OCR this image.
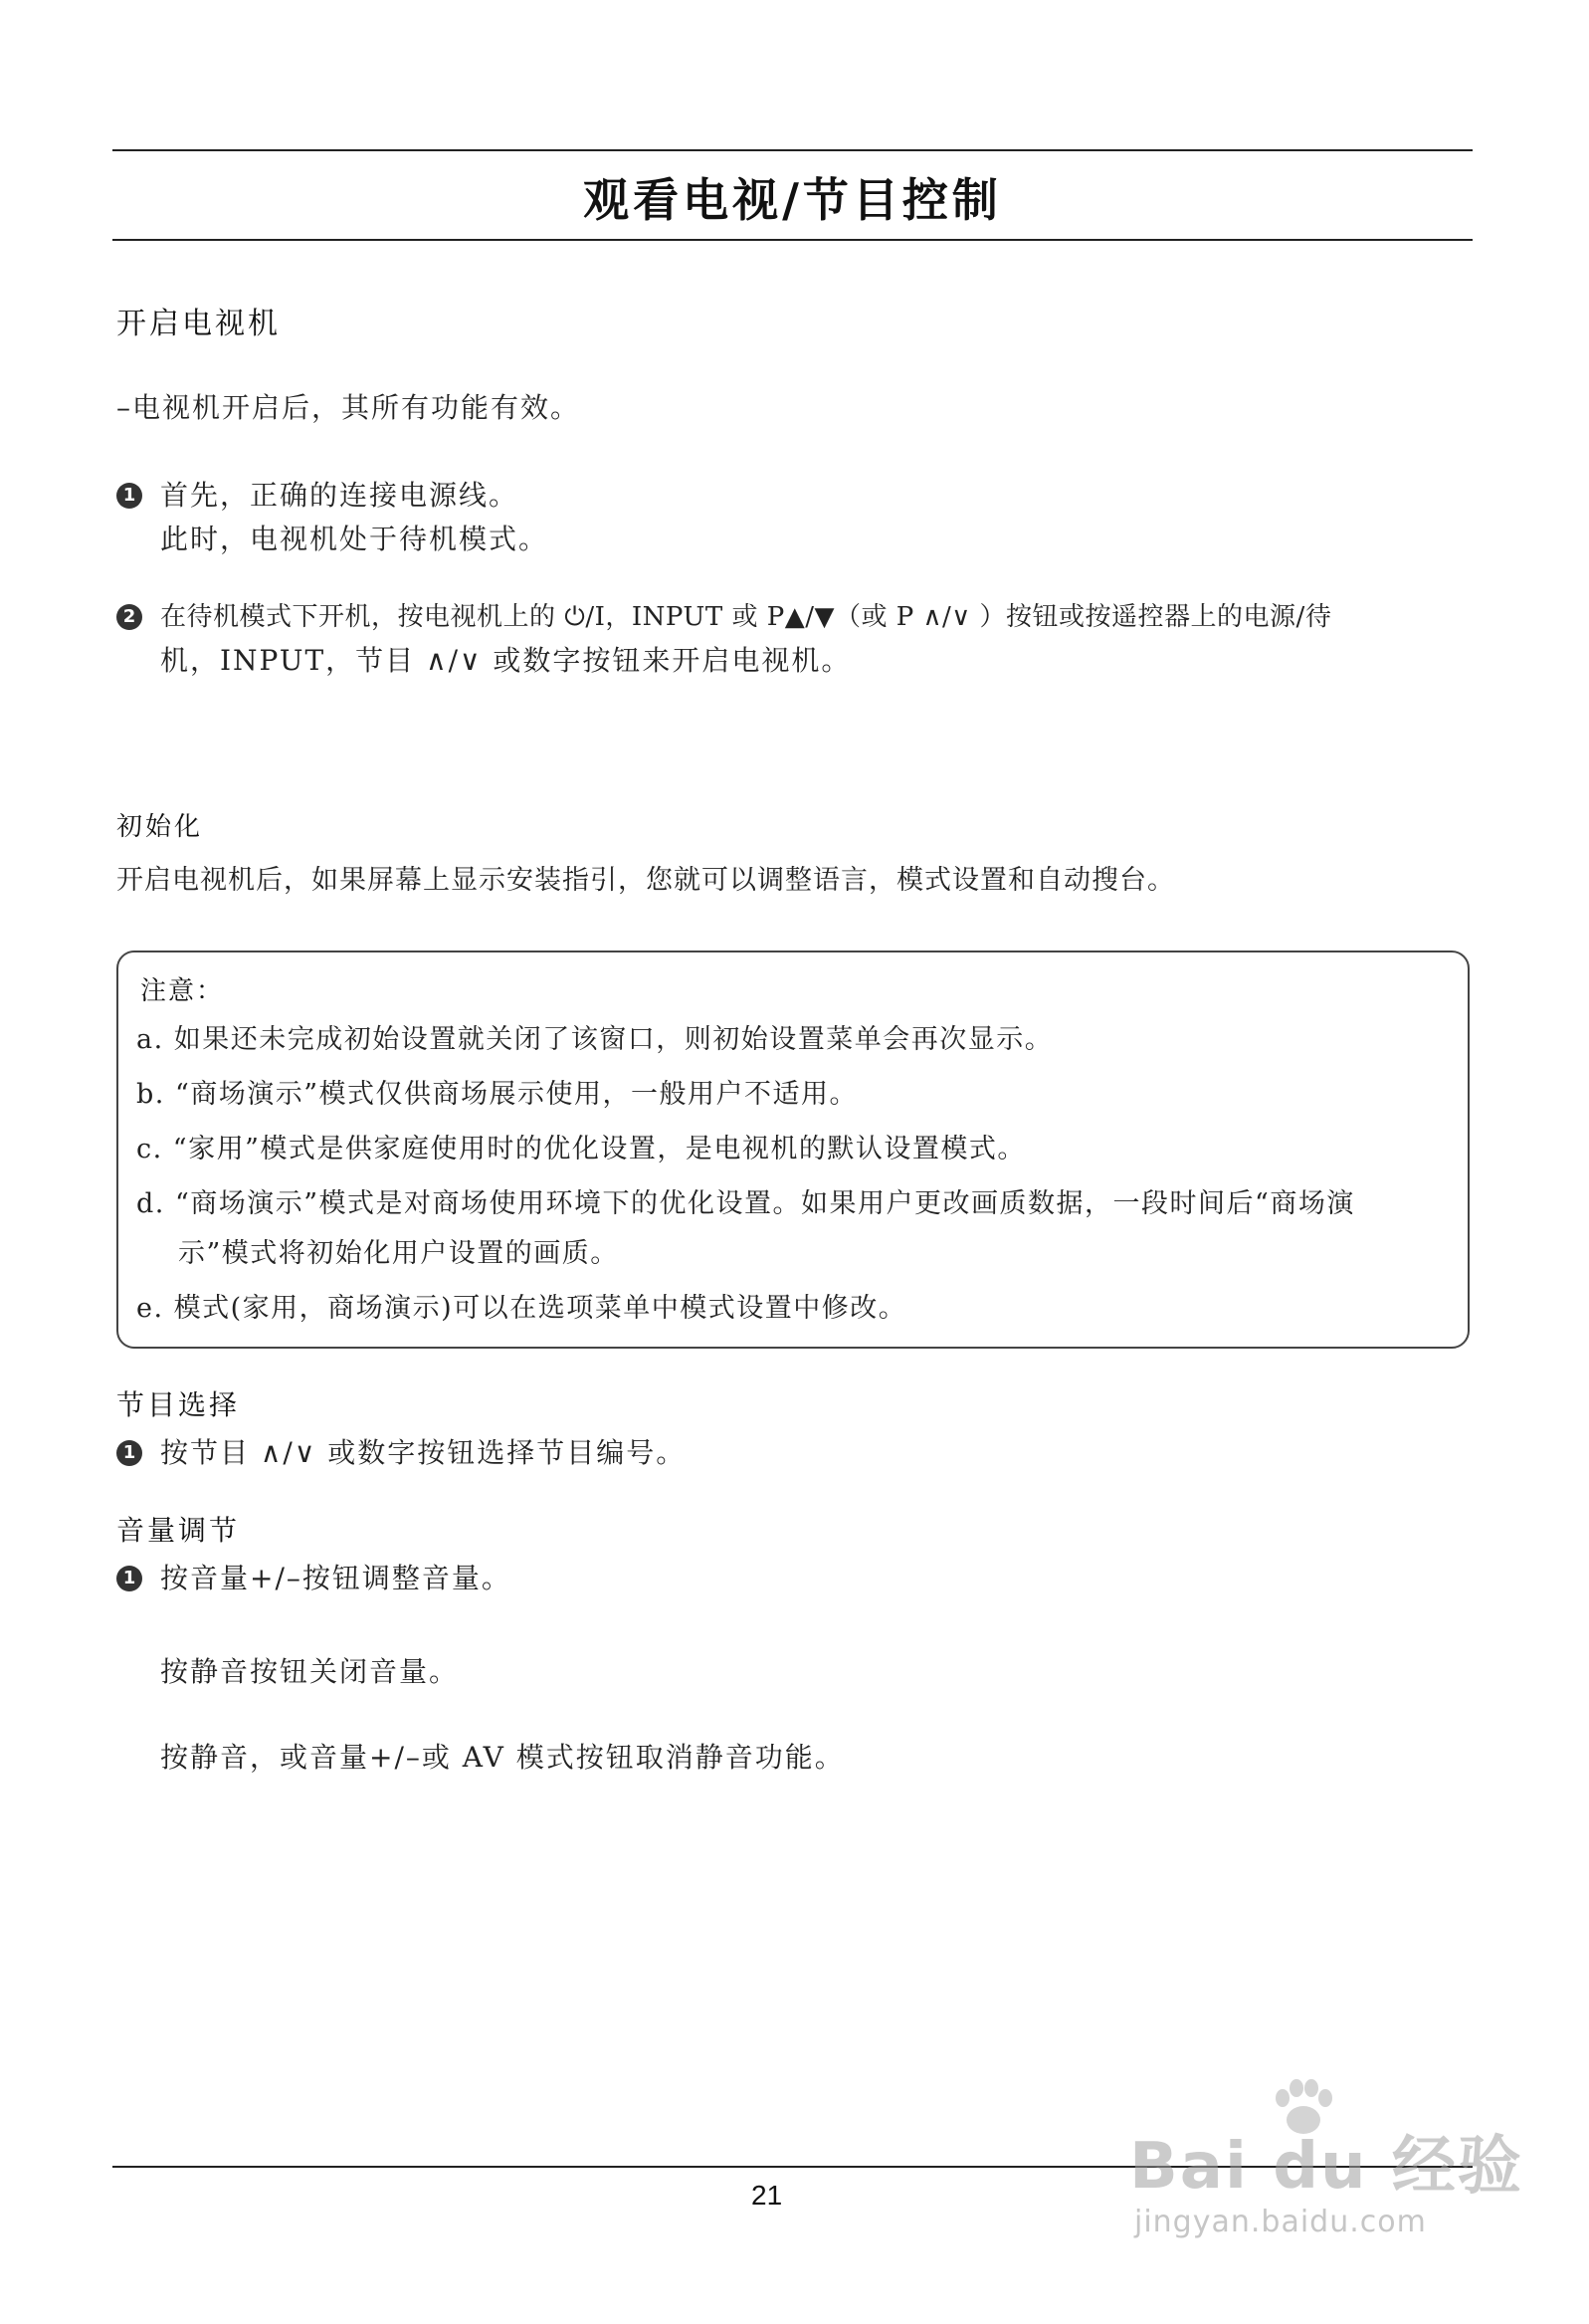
观看电视/节目控制
开启电视机
–电视机开启后，其所有功能有效。
1 首先，正确的连接电源线。
此时，电视机处于待机模式。
2 在待机模式下开机，按电视机上的 ⏻/I，INPUT 或 P▲/▼（或 P ∧/∨ ）按钮或按遥控器上的电源/待
机，INPUT，节目 ∧/∨ 或数字按钮来开启电视机。
初始化
开启电视机后，如果屏幕上显示安装指引，您就可以调整语言，模式设置和自动搜台。
注意：
a. 如果还未完成初始设置就关闭了该窗口，则初始设置菜单会再次显示。
b. “商场演示”模式仅供商场展示使用，一般用户不适用。
c. “家用”模式是供家庭使用时的优化设置，是电视机的默认设置模式。
d. “商场演示”模式是对商场使用环境下的优化设置。如果用户更改画质数据，一段时间后“商场演
示”模式将初始化用户设置的画质。
e. 模式(家用，商场演示)可以在选项菜单中模式设置中修改。
节目选择
1 按节目 ∧/∨ 或数字按钮选择节目编号。
音量调节
1 按音量+/–按钮调整音量。
按静音按钮关闭音量。
按静音，或音量+/–或 AV 模式按钮取消静音功能。
21	Bai du 经验
jingyan.baidu.com
